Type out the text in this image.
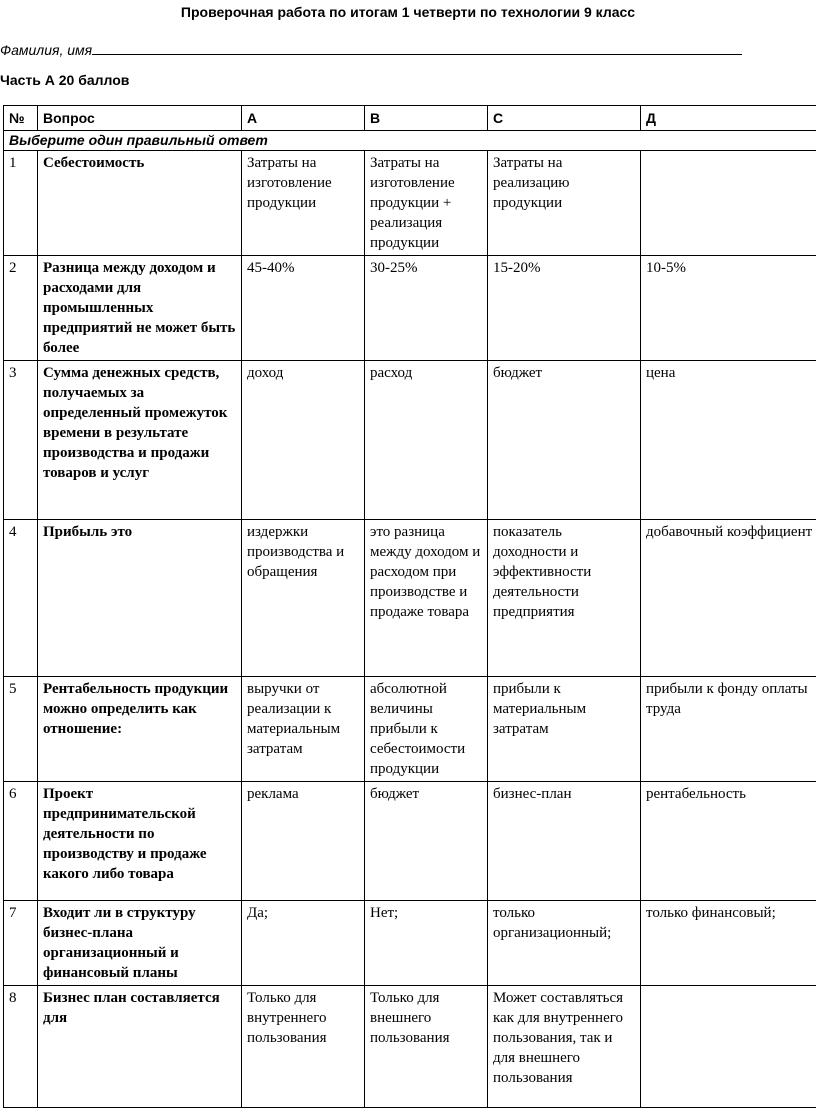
Проверочная работа по итогам 1 четверти по технологии 9 класс
Фамилия, имя
Часть А 20 баллов
№	Вопрос	А	В	С	Д
Выберите один правильный ответ					
1	Себестоимость	Затраты на изготовление продукции	Затраты на изготовление продукции + реализация продукции	Затраты на реализацию продукции	
2	Разница между доходом и расходами для промышленных предприятий не может быть более	45-40%	30-25%	15-20%	10-5%
3	Сумма денежных средств, получаемых за определенный промежуток времени в результате производства и продажи товаров и услуг	доход	расход	бюджет	цена
4	Прибыль это	издержки производства и обращения	это разница между доходом и расходом при производстве и продаже товара	показатель доходности и эффективности деятельности предприятия	добавочный коэффициент
5	Рентабельность продукции можно определить как отношение:	выручки от реализации к материальным затратам	абсолютной величины прибыли к себестоимости продукции	прибыли к материальным затратам	прибыли к фонду оплаты труда
6	Проект предпринимательской деятельности по производству и продаже какого либо товара	реклама	бюджет	бизнес-план	рентабельность
7	Входит ли в структуру бизнес-плана организационный и финансовый планы	Да;	Нет;	только организационный;	только финансовый;
8	Бизнес план составляется для	Только для внутреннего пользования	Только для внешнего пользования	Может составляться как для внутреннего пользования, так и для внешнего пользования	
